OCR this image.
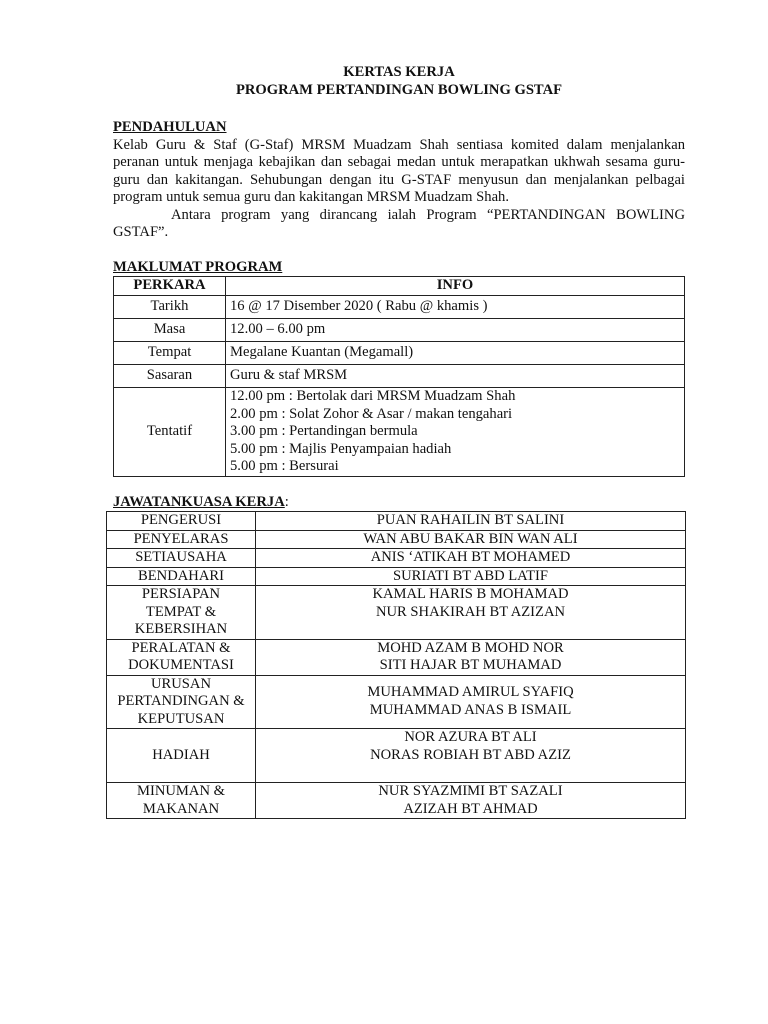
KERTAS KERJA

PROGRAM PERTANDINGAN BOWLING GSTAF

PENDAHULUAN

Kelab Guru & Staf (G-Staf) MRSM Muadzam Shah sentiasa komited dalam menjalankan peranan untuk menjaga kebajikan dan sebagai medan untuk merapatkan ukhwah sesama guru-guru dan kakitangan. Sehubungan dengan itu G-STAF menyusun dan menjalankan pelbagai program untuk semua guru dan kakitangan MRSM Muadzam Shah.

Antara program yang dirancang ialah Program “PERTANDINGAN BOWLING GSTAF”.

MAKLUMAT PROGRAM

PERKARA	INFO
Tarikh	16 @ 17 Disember 2020 ( Rabu @ khamis )
Masa	12.00 – 6.00 pm
Tempat	Megalane Kuantan (Megamall)
Sasaran	Guru & staf MRSM
Tentatif	12.00 pm : Bertolak dari MRSM Muadzam Shah
2.00 pm : Solat Zohor & Asar / makan tengahari
3.00 pm : Pertandingan bermula
5.00 pm : Majlis Penyampaian hadiah
5.00 pm : Bersurai

JAWATANKUASA KERJA:

PENGERUSI	PUAN RAHAILIN BT SALINI

PENYELARAS	WAN ABU BAKAR BIN WAN ALI

SETIAUSAHA	ANIS ‘ATIKAH BT MOHAMED

BENDAHARI	SURIATI BT ABD LATIF

PERSIAPAN
TEMPAT &
KEBERSIHAN	KAMAL HARIS B MOHAMAD
NUR SHAKIRAH BT AZIZAN

PERALATAN &
DOKUMENTASI	MOHD AZAM B MOHD NOR
SITI HAJAR BT MUHAMAD

URUSAN
PERTANDINGAN &
KEPUTUSAN	MUHAMMAD AMIRUL SYAFIQ
MUHAMMAD ANAS B ISMAIL

HADIAH	NOR AZURA BT ALI
NORAS ROBIAH BT ABD AZIZ

MINUMAN &
MAKANAN	NUR SYAZMIMI BT SAZALI
AZIZAH BT AHMAD
